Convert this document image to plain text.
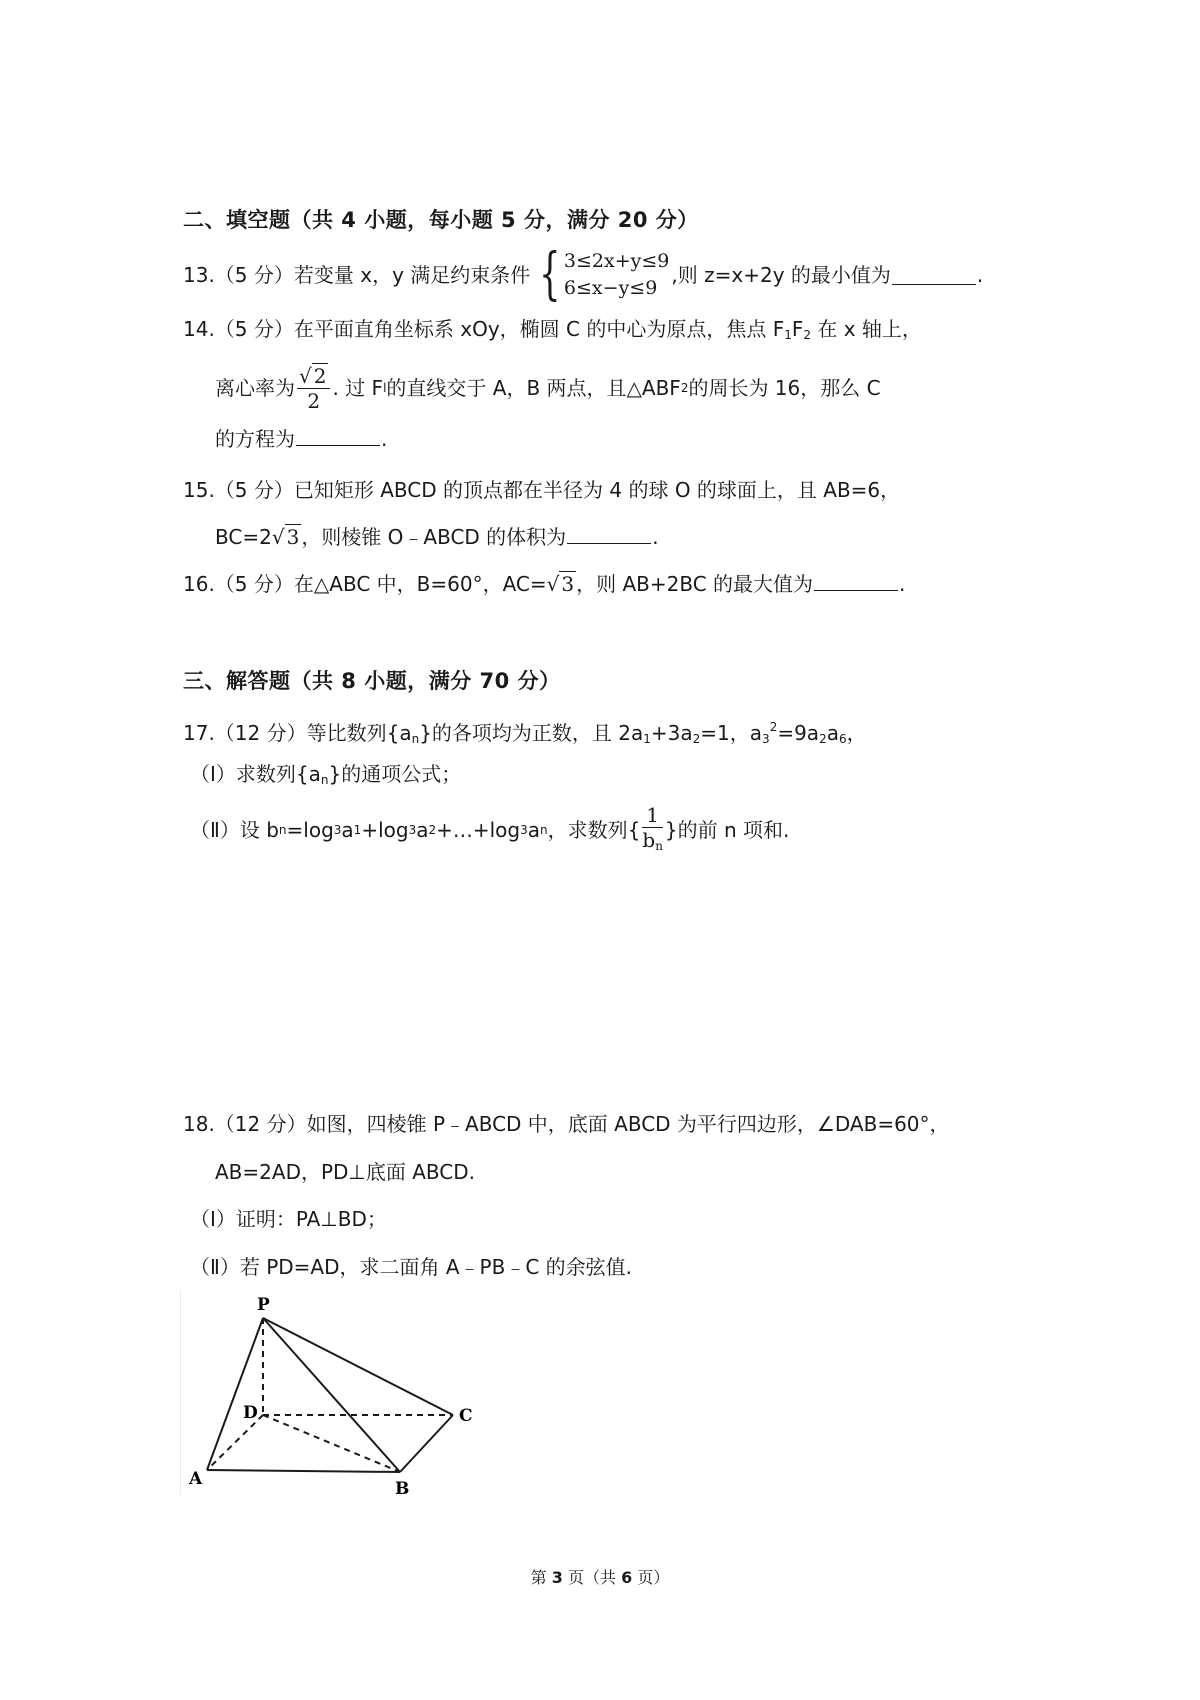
二、填空题（共 4 小题，每小题 5 分，满分 20 分）
13.（5 分）若变量 x，y 满足约束条件 { 3≤2x+y≤9
6≤x−y≤9
,则 z=x+2y 的最小值为	.
14.（5 分）在平面直角坐标系 xOy，椭圆 C 的中心为原点，焦点 $F_1F_2$ 在 x 轴上，
离心率为 $\frac{√ 2}{2}$ . 过 F l 的直线交于 A，B 两点，且△ABF 2 的周长为 16，那么 C
的方程为	.
15.（5 分）已知矩形 ABCD 的顶点都在半径为 4 的球 O 的球面上，且 AB=6，
BC=2√ 3 ，则棱锥 O﹣ABCD 的体积为	.
16.（5 分）在△ABC 中，B=60°，AC=√ 3 ，则 AB+2BC 的最大值为	.
三、解答题（共 8 小题，满分 70 分）
17.（12 分）等比数列$\{a_n\}$的各项均为正数，且 $2a_1+3a_2=1$，$a_3^2=9a_2a_6$，
（Ⅰ）求数列$\{a_n\}$的通项公式；
（Ⅱ）设 b n =log 3 a 1 +log 3 a 2 +…+log 3 a n ，求数列{ $\frac{1}{b_n}$ }的前 n 项和.
18.（12 分）如图，四棱锥 P﹣ABCD 中，底面 ABCD 为平行四边形，∠DAB=60°，
AB=2AD，PD⊥底面 ABCD.
（Ⅰ）证明：PA⊥BD；
（Ⅱ）若 PD=AD，求二面角 A﹣PB﹣C 的余弦值.
P
D	C
A	B
第 3 页（共 6 页）
